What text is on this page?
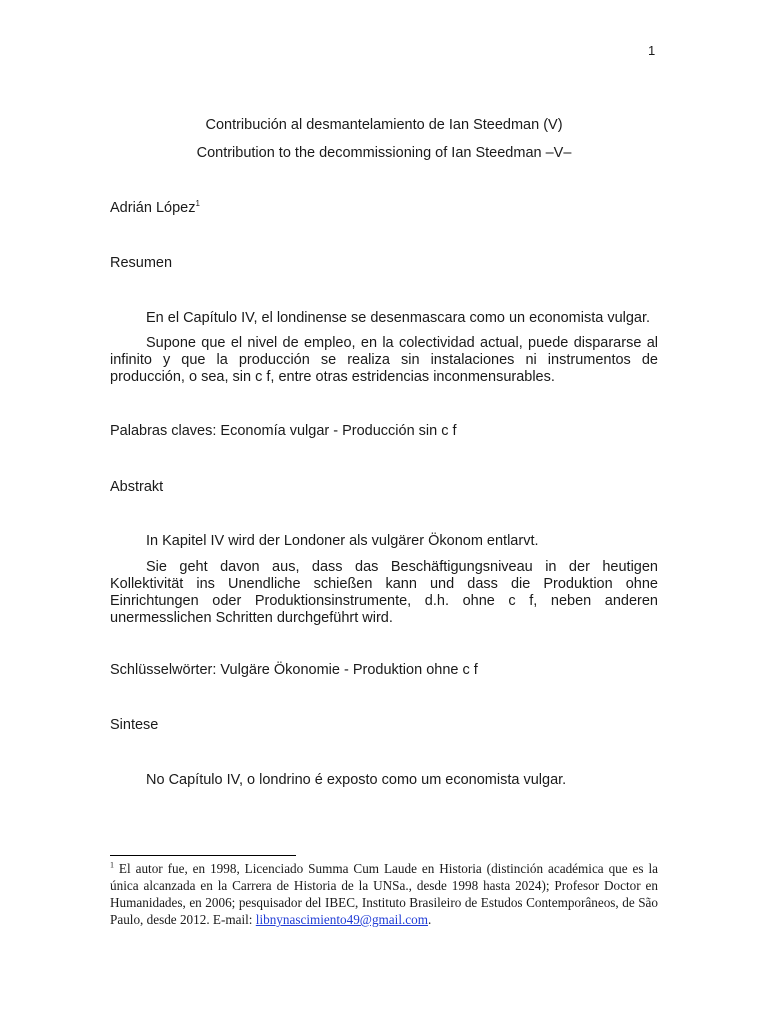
1
Contribución al desmantelamiento de Ian Steedman (V)
Contribution to the decommissioning of Ian Steedman –V–
Adrián López$^1$
Resumen
En el Capítulo IV, el londinense se desenmascara como un economista vulgar.
Supone que el nivel de empleo, en la colectividad actual, puede dispararse al infinito y que la producción se realiza sin instalaciones ni instrumentos de producción, o sea, sin c f, entre otras estridencias inconmensurables.
Palabras claves: Economía vulgar - Producción sin c f
Abstrakt
In Kapitel IV wird der Londoner als vulgärer Ökonom entlarvt.
Sie geht davon aus, dass das Beschäftigungsniveau in der heutigen Kollektivität ins Unendliche schießen kann und dass die Produktion ohne Einrichtungen oder Produktionsinstrumente, d.h. ohne c f, neben anderen unermesslichen Schritten durchgeführt wird.
Schlüsselwörter: Vulgäre Ökonomie - Produktion ohne c f
Sintese
No Capítulo IV, o londrino é exposto como um economista vulgar.
$^1$ El autor fue, en 1998, Licenciado Summa Cum Laude en Historia (distinción académica que es la única alcanzada en la Carrera de Historia de la UNSa., desde 1998 hasta 2024); Profesor Doctor en Humanidades, en 2006; pesquisador del IBEC, Instituto Brasileiro de Estudos Contemporâneos, de São Paulo, desde 2012. E-mail: libnynascimiento49@gmail.com.
